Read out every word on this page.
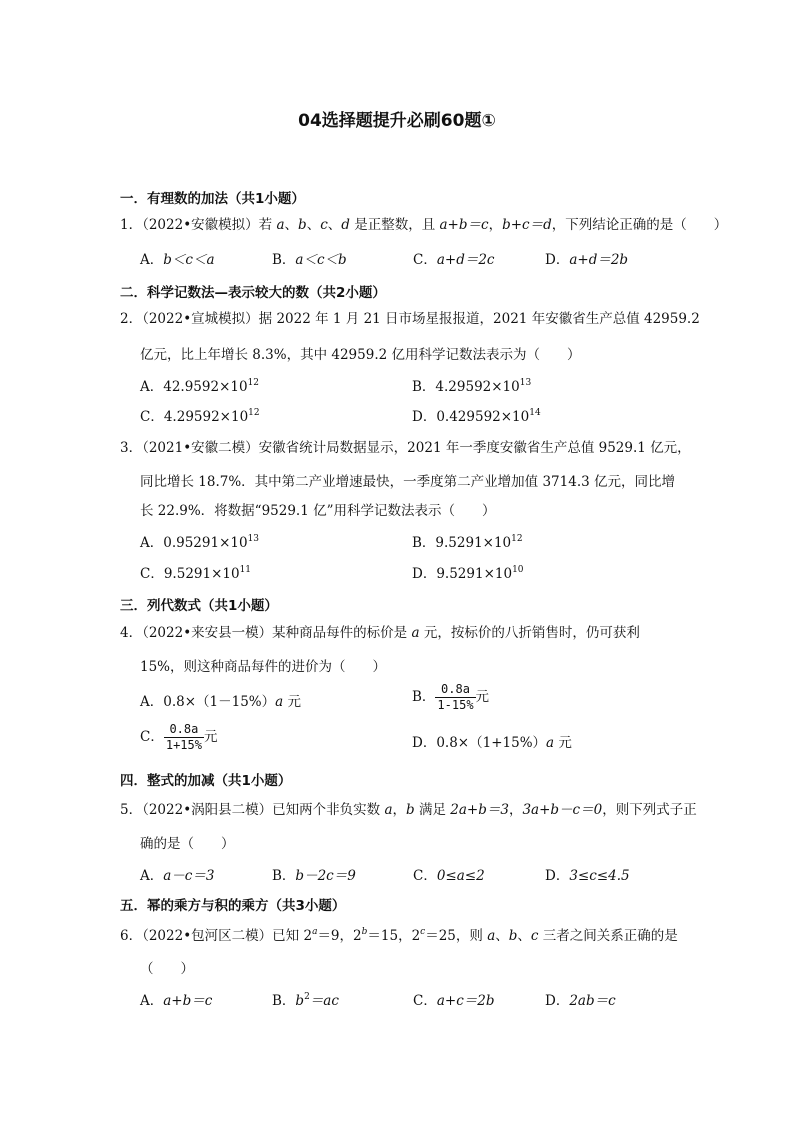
04选择题提升必刷60题①
一．有理数的加法（共1小题）
1．（2022•安徽模拟）若 a、b、c、d 是正整数，且 a+b＝c，b+c＝d，下列结论正确的是（　　）
A．b＜c＜a	B．a＜c＜b	C．a+d＝2c	D．a+d＝2b
二．科学记数法—表示较大的数（共2小题）
2．（2022•宣城模拟）据 2022 年 1 月 21 日市场星报报道，2021 年安徽省生产总值 42959.2
亿元，比上年增长 8.3%，其中 42959.2 亿用科学记数法表示为（　　）
A．$42.9592\times 10^{12}$	B．$4.29592\times 10^{13}$
C．$4.29592\times 10^{12}$	D．$0.429592\times 10^{14}$
3．（2021•安徽二模）安徽省统计局数据显示，2021 年一季度安徽省生产总值 9529.1 亿元，
同比增长 18.7%．其中第二产业增速最快，一季度第二产业增加值 3714.3 亿元，同比增
长 22.9%．将数据“9529.1 亿”用科学记数法表示（　　）
A．$0.95291\times 10^{13}$	B．$9.5291\times 10^{12}$
C．$9.5291\times 10^{11}$	D．$9.5291\times 10^{10}$
三．列代数式（共1小题）
4．（2022•来安县一模）某种商品每件的标价是 a 元，按标价的八折销售时，仍可获利
15%，则这种商品每件的进价为（　　）
A．0.8×（1－15%）a 元	B． $\frac{0.8a}{1-15\%}$ 元
C． $\frac{0.8a}{1+15\%}$ 元	D．0.8×（1+15%）a 元
四．整式的加减（共1小题）
5．（2022•涡阳县二模）已知两个非负实数 a，b 满足 2a+b＝3，3a+b－c＝0，则下列式子正
确的是（　　）
A．a－c＝3	B．b－2c＝9	C．0≤a≤2	D．3≤c≤4.5
五．幂的乘方与积的乘方（共3小题）
6．（2022•包河区二模）已知 $2^a=9$，$2^b=15$，$2^c=25$，则 a、b、c 三者之间关系正确的是
（　　）
A．a+b＝c	B．$b^2=ac$	C．a+c＝2b	D．2ab＝c
